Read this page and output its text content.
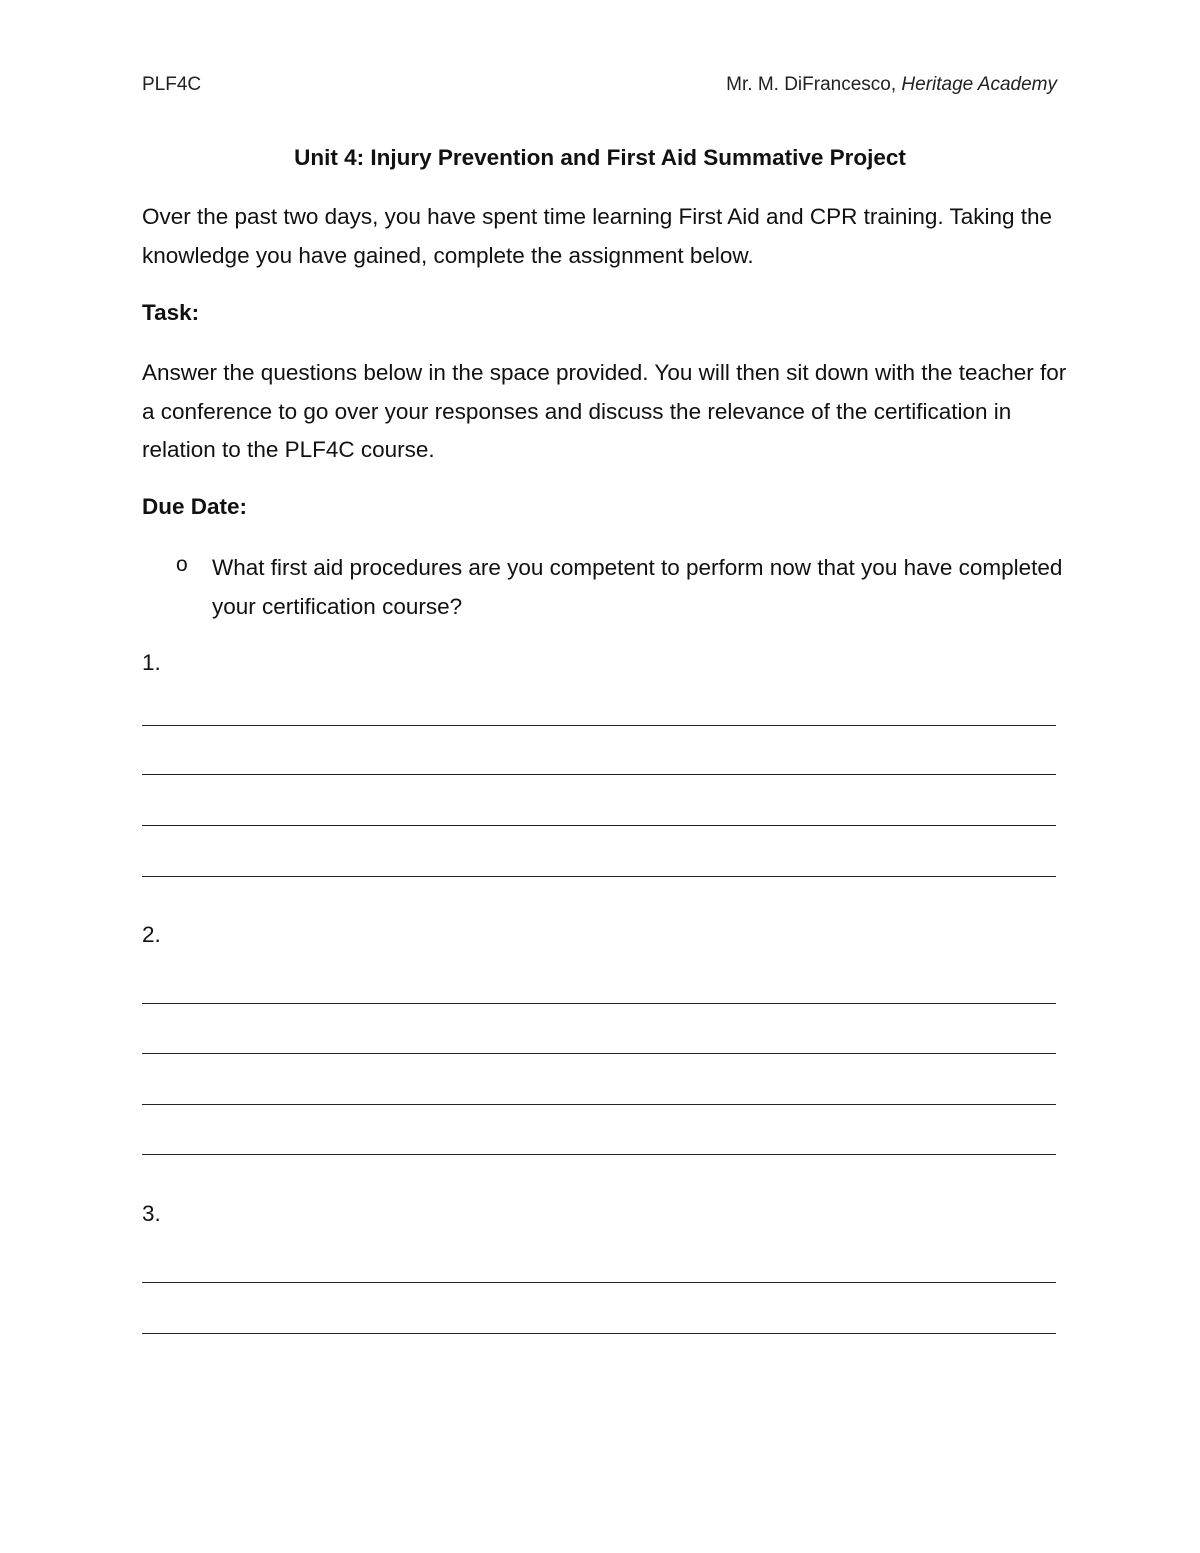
PLF4C	Mr. M. DiFrancesco, Heritage Academy
Unit 4: Injury Prevention and First Aid Summative Project

Over the past two days, you have spent time learning First Aid and CPR training. Taking the knowledge you have gained, complete the assignment below.

Task:

Answer the questions below in the space provided. You will then sit down with the teacher for a conference to go over your responses and discuss the relevance of the certification in relation to the PLF4C course.

Due Date:
o What first aid procedures are you competent to perform now that you have completed your certification course?
1.
2.
3.
